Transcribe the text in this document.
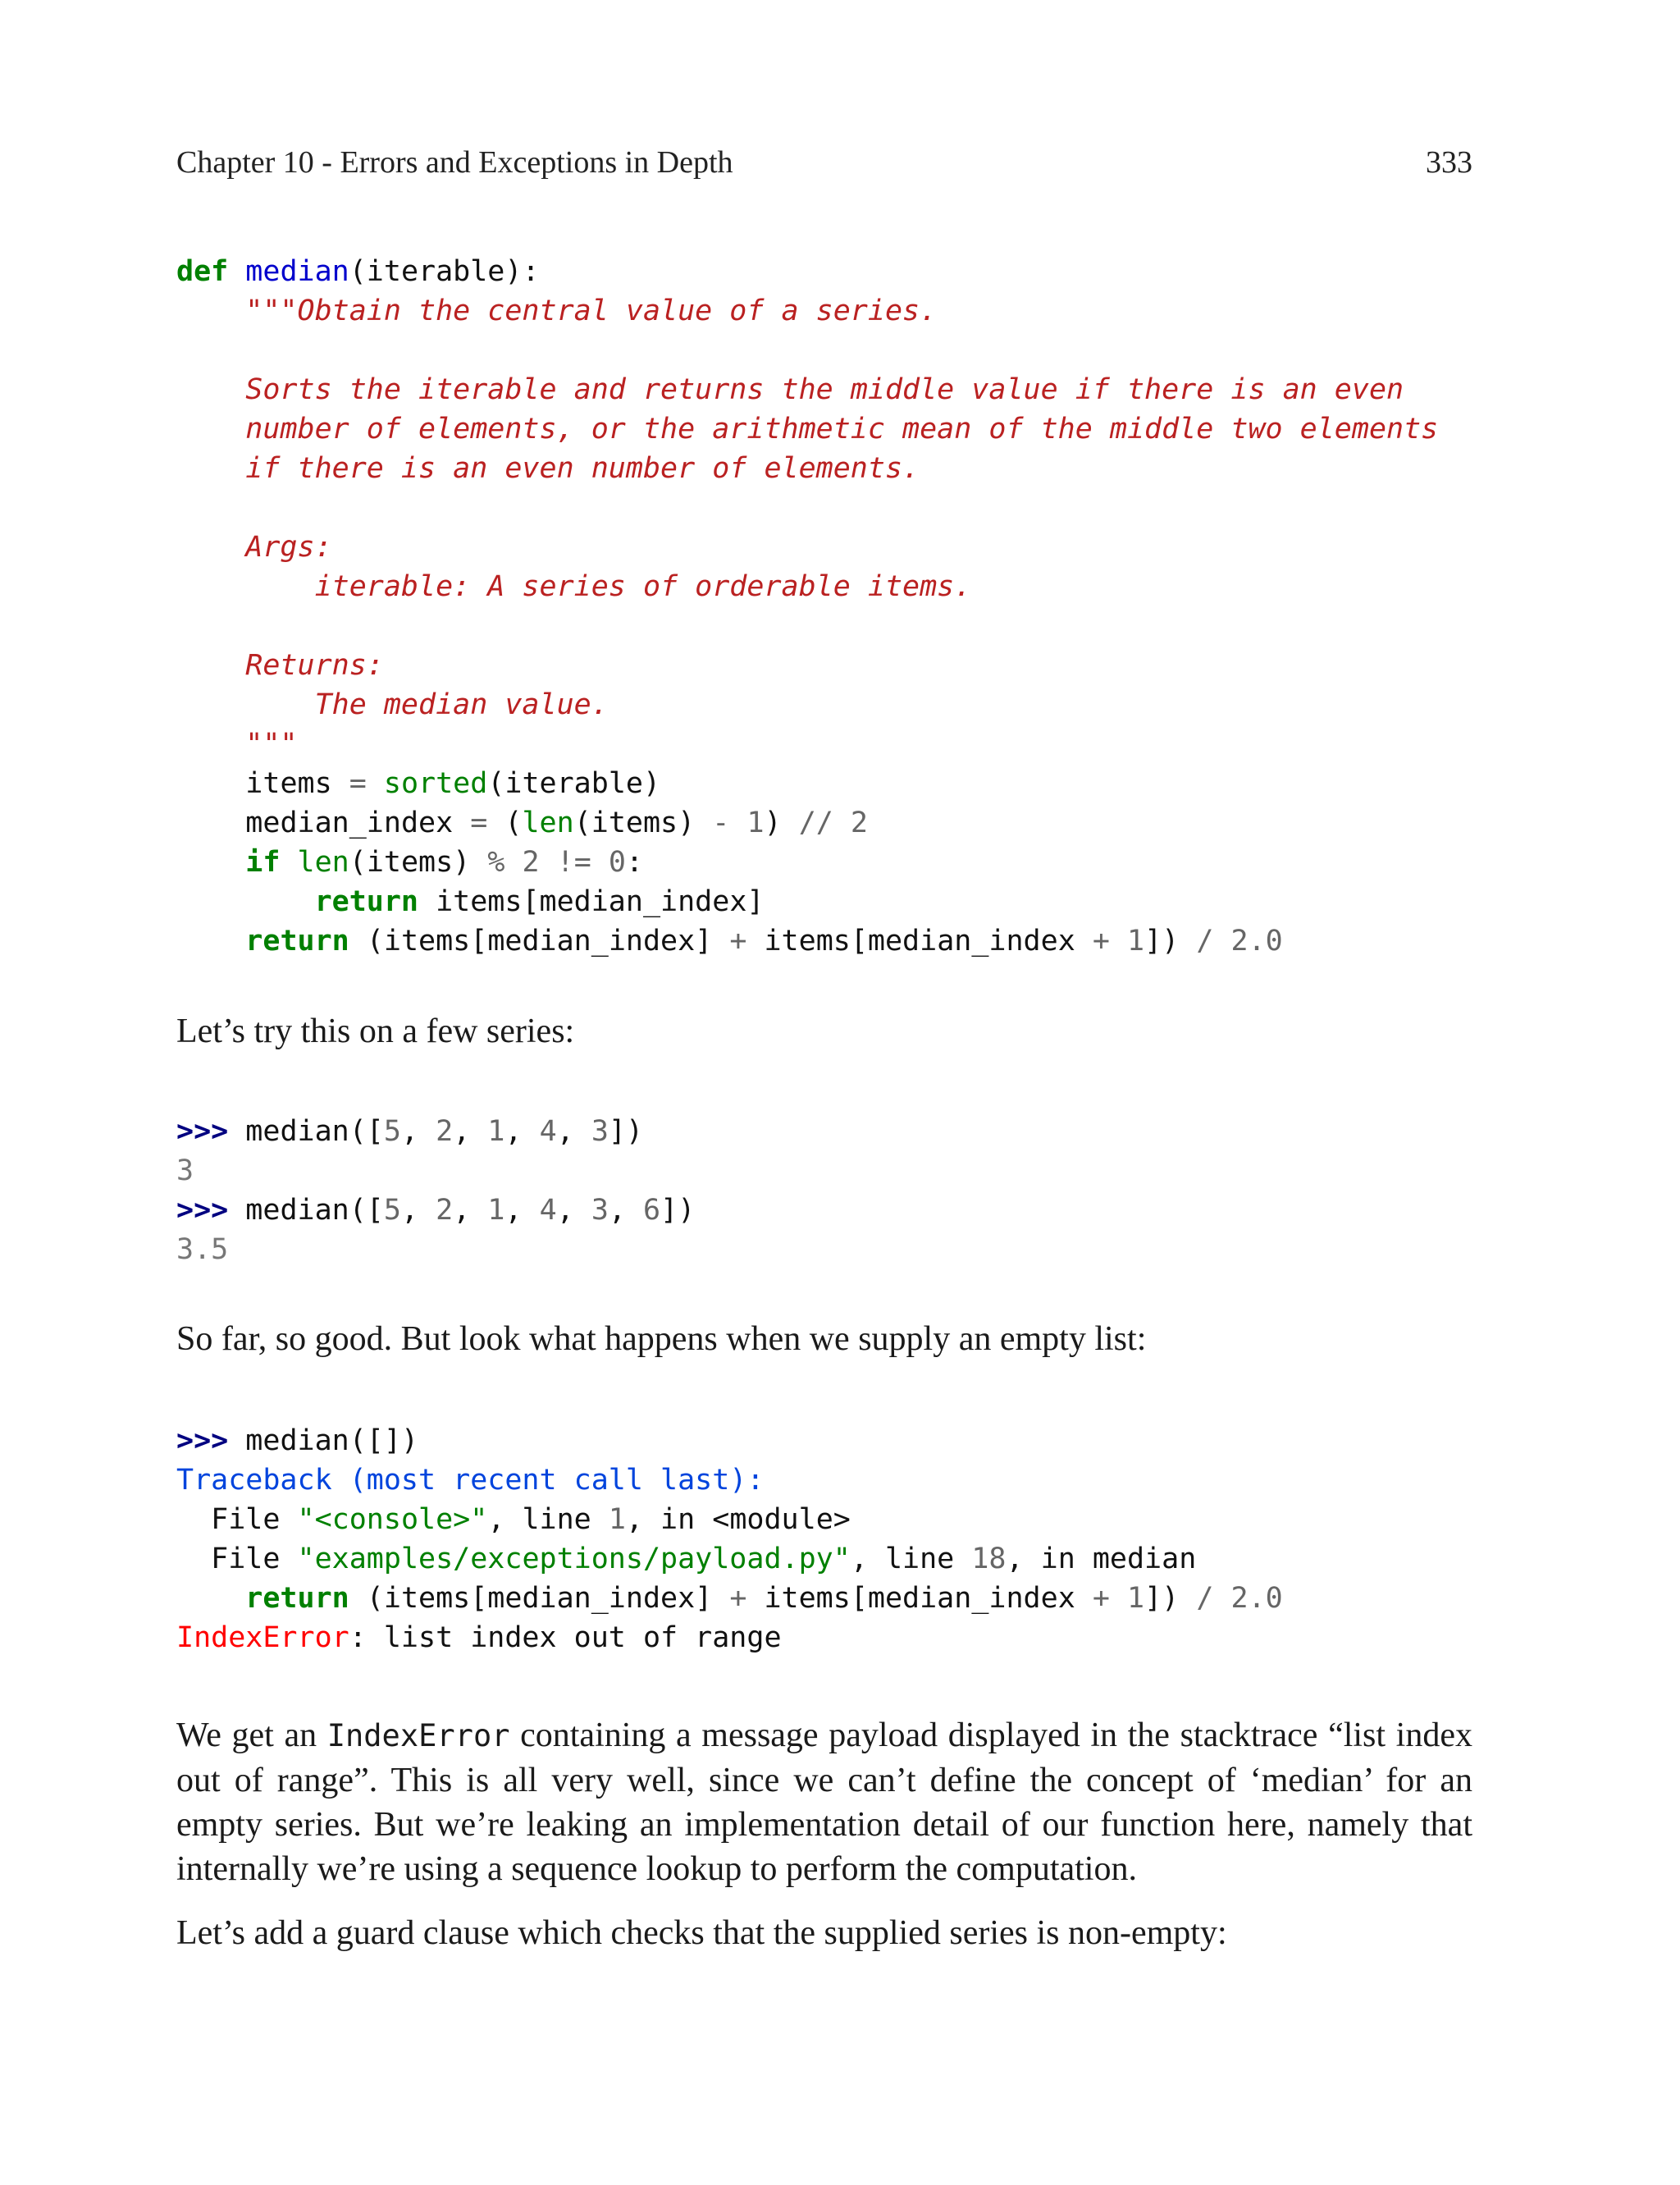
Chapter 10 - Errors and Exceptions in Depth	333
def median(iterable):
"""Obtain the central value of a series.
Sorts the iterable and returns the middle value if there is an even
number of elements, or the arithmetic mean of the middle two elements
if there is an even number of elements.
Args:
iterable: A series of orderable items.
Returns:
The median value.
"""
items = sorted(iterable)
median_index = (len(items) - 1) // 2
if len(items) % 2 != 0:
return items[median_index]
return (items[median_index] + items[median_index + 1]) / 2.0

Let’s try this on a few series:

>>> median([5, 2, 1, 4, 3])
3
>>> median([5, 2, 1, 4, 3, 6])
3.5

So far, so good. But look what happens when we supply an empty list:

>>> median([])
Traceback (most recent call last):
File "<console>", line 1, in <module>
File "examples/exceptions/payload.py", line 18, in median
return (items[median_index] + items[median_index + 1]) / 2.0
IndexError: list index out of range

We get an IndexError containing a message payload displayed in the stacktrace “list index out of range”. This is all very well, since we can’t define the concept of ‘median’ for an empty series. But we’re leaking an implementation detail of our function here, namely that internally we’re using a sequence lookup to perform the computation.

Let’s add a guard clause which checks that the supplied series is non-empty:
